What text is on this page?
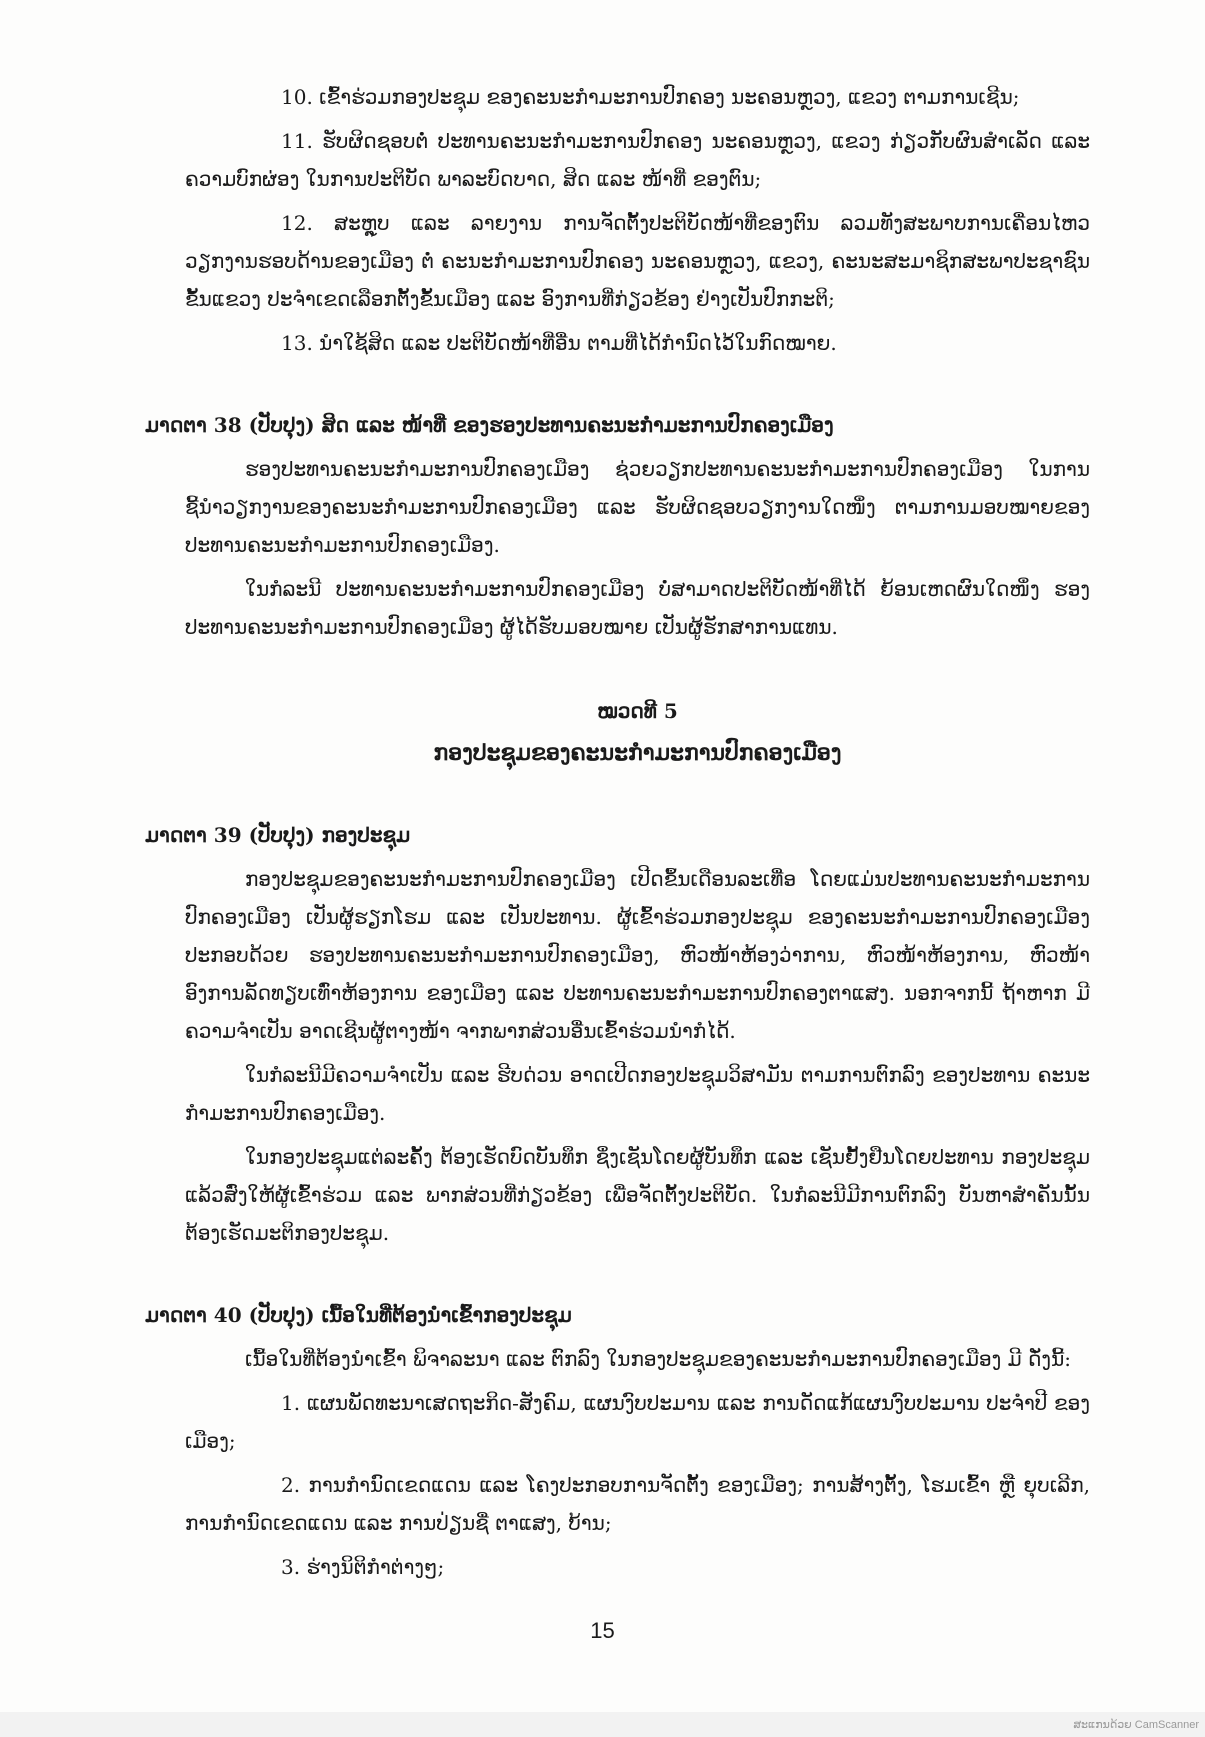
10. ເຂົ້າຮ່ວມກອງປະຊຸມ ຂອງຄະນະກຳມະການປົກຄອງ ນະຄອນຫຼວງ, ແຂວງ ຕາມການເຊີນ;

11. ຮັບຜິດຊອບຕໍ່ ປະທານຄະນະກຳມະການປົກຄອງ ນະຄອນຫຼວງ, ແຂວງ ກ່ຽວກັບຜົນສຳເລັດ ແລະ ຄວາມບົກຜ່ອງ ໃນການປະຕິບັດ ພາລະບົດບາດ, ສິດ ແລະ ໜ້າທີ່ ຂອງຕົນ;

12. ສະຫຼຸບ ແລະ ລາຍງານ ການຈັດຕັ້ງປະຕິບັດໜ້າທີ່ຂອງຕົນ ລວມທັງສະພາບການເຄື່ອນໄຫວ ວຽກງານຮອບດ້ານຂອງເມືອງ ຕໍ່ ຄະນະກຳມະການປົກຄອງ ນະຄອນຫຼວງ, ແຂວງ, ຄະນະສະມາຊິກສະພາປະຊາຊົນ ຂັ້ນແຂວງ ປະຈຳເຂດເລືອກຕັ້ງຂັ້ນເມືອງ ແລະ ອົງການທີ່ກ່ຽວຂ້ອງ ຢ່າງເປັນປົກກະຕິ;

13. ນຳໃຊ້ສິດ ແລະ ປະຕິບັດໜ້າທີ່ອື່ນ ຕາມທີ່ໄດ້ກຳນົດໄວ້ໃນກົດໝາຍ.

ມາດຕາ 38 (ປັບປຸງ) ສິດ ແລະ ໜ້າທີ່ ຂອງຮອງປະທານຄະນະກຳມະການປົກຄອງເມືອງ

ຮອງປະທານຄະນະກຳມະການປົກຄອງເມືອງ ຊ່ວຍວຽກປະທານຄະນະກຳມະການປົກຄອງເມືອງ ໃນການ ຊີ້ນຳວຽກງານຂອງຄະນະກຳມະການປົກຄອງເມືອງ ແລະ ຮັບຜິດຊອບວຽກງານໃດໜຶ່ງ ຕາມການມອບໝາຍຂອງ ປະທານຄະນະກຳມະການປົກຄອງເມືອງ.

ໃນກໍລະນີ ປະທານຄະນະກຳມະການປົກຄອງເມືອງ ບໍ່ສາມາດປະຕິບັດໜ້າທີ່ໄດ້ ຍ້ອນເຫດຜົນໃດໜຶ່ງ ຮອງປະທານຄະນະກຳມະການປົກຄອງເມືອງ ຜູ້ໄດ້ຮັບມອບໝາຍ ເປັນຜູ້ຮັກສາການແທນ.

ໝວດທີ 5
ກອງປະຊຸມຂອງຄະນະກຳມະການປົກຄອງເມືອງ
ມາດຕາ 39 (ປັບປຸງ) ກອງປະຊຸມ

ກອງປະຊຸມຂອງຄະນະກຳມະການປົກຄອງເມືອງ ເປີດຂຶ້ນເດືອນລະເທື່ອ ໂດຍແມ່ນປະທານຄະນະກຳມະການ ປົກຄອງເມືອງ ເປັນຜູ້ຮຽກໂຮມ ແລະ ເປັນປະທານ. ຜູ້ເຂົ້າຮ່ວມກອງປະຊຸມ ຂອງຄະນະກຳມະການປົກຄອງເມືອງ ປະກອບດ້ວຍ ຮອງປະທານຄະນະກຳມະການປົກຄອງເມືອງ, ຫົວໜ້າຫ້ອງວ່າການ, ຫົວໜ້າຫ້ອງການ, ຫົວໜ້າ ອົງການລັດທຽບເທົ່າຫ້ອງການ ຂອງເມືອງ ແລະ ປະທານຄະນະກຳມະການປົກຄອງຕາແສງ. ນອກຈາກນີ້ ຖ້າຫາກ ມີຄວາມຈຳເປັນ ອາດເຊີນຜູ້ຕາງໜ້າ ຈາກພາກສ່ວນອື່ນເຂົ້າຮ່ວມນຳກໍໄດ້.

ໃນກໍລະນີມີຄວາມຈຳເປັນ ແລະ ຮີບດ່ວນ ອາດເປີດກອງປະຊຸມວິສາມັນ ຕາມການຕົກລົງ ຂອງປະທານ ຄະນະກຳມະການປົກຄອງເມືອງ.

ໃນກອງປະຊຸມແຕ່ລະຄັ້ງ ຕ້ອງເຮັດບົດບັນທຶກ ຊຶ່ງເຊັນໂດຍຜູ້ບັນທຶກ ແລະ ເຊັນຢັ້ງຢືນໂດຍປະທານ ກອງປະຊຸມ ແລ້ວສົ່ງໃຫ້ຜູ້ເຂົ້າຮ່ວມ ແລະ ພາກສ່ວນທີ່ກ່ຽວຂ້ອງ ເພື່ອຈັດຕັ້ງປະຕິບັດ. ໃນກໍລະນີມີການຕົກລົງ ບັນຫາສຳຄັນນັ້ນ ຕ້ອງເຮັດມະຕິກອງປະຊຸມ.

ມາດຕາ 40 (ປັບປຸງ) ເນື້ອໃນທີ່ຕ້ອງນຳເຂົ້າກອງປະຊຸມ

ເນື້ອໃນທີ່ຕ້ອງນຳເຂົ້າ ພິຈາລະນາ ແລະ ຕົກລົງ ໃນກອງປະຊຸມຂອງຄະນະກຳມະການປົກຄອງເມືອງ ມີ ດັ່ງນີ້:

1. ແຜນພັດທະນາເສດຖະກິດ-ສັງຄົມ, ແຜນງົບປະມານ ແລະ ການດັດແກ້ແຜນງົບປະມານ ປະຈຳປີ ຂອງເມືອງ;

2. ການກຳນົດເຂດແດນ ແລະ ໂຄງປະກອບການຈັດຕັ້ງ ຂອງເມືອງ; ການສ້າງຕັ້ງ, ໂຮມເຂົ້າ ຫຼື ຍຸບເລີກ, ການກຳນົດເຂດແດນ ແລະ ການປ່ຽນຊື່ ຕາແສງ, ບ້ານ;

3. ຮ່າງນິຕິກຳຕ່າງໆ;

15
ສະແກນດ້ວຍ CamScanner
